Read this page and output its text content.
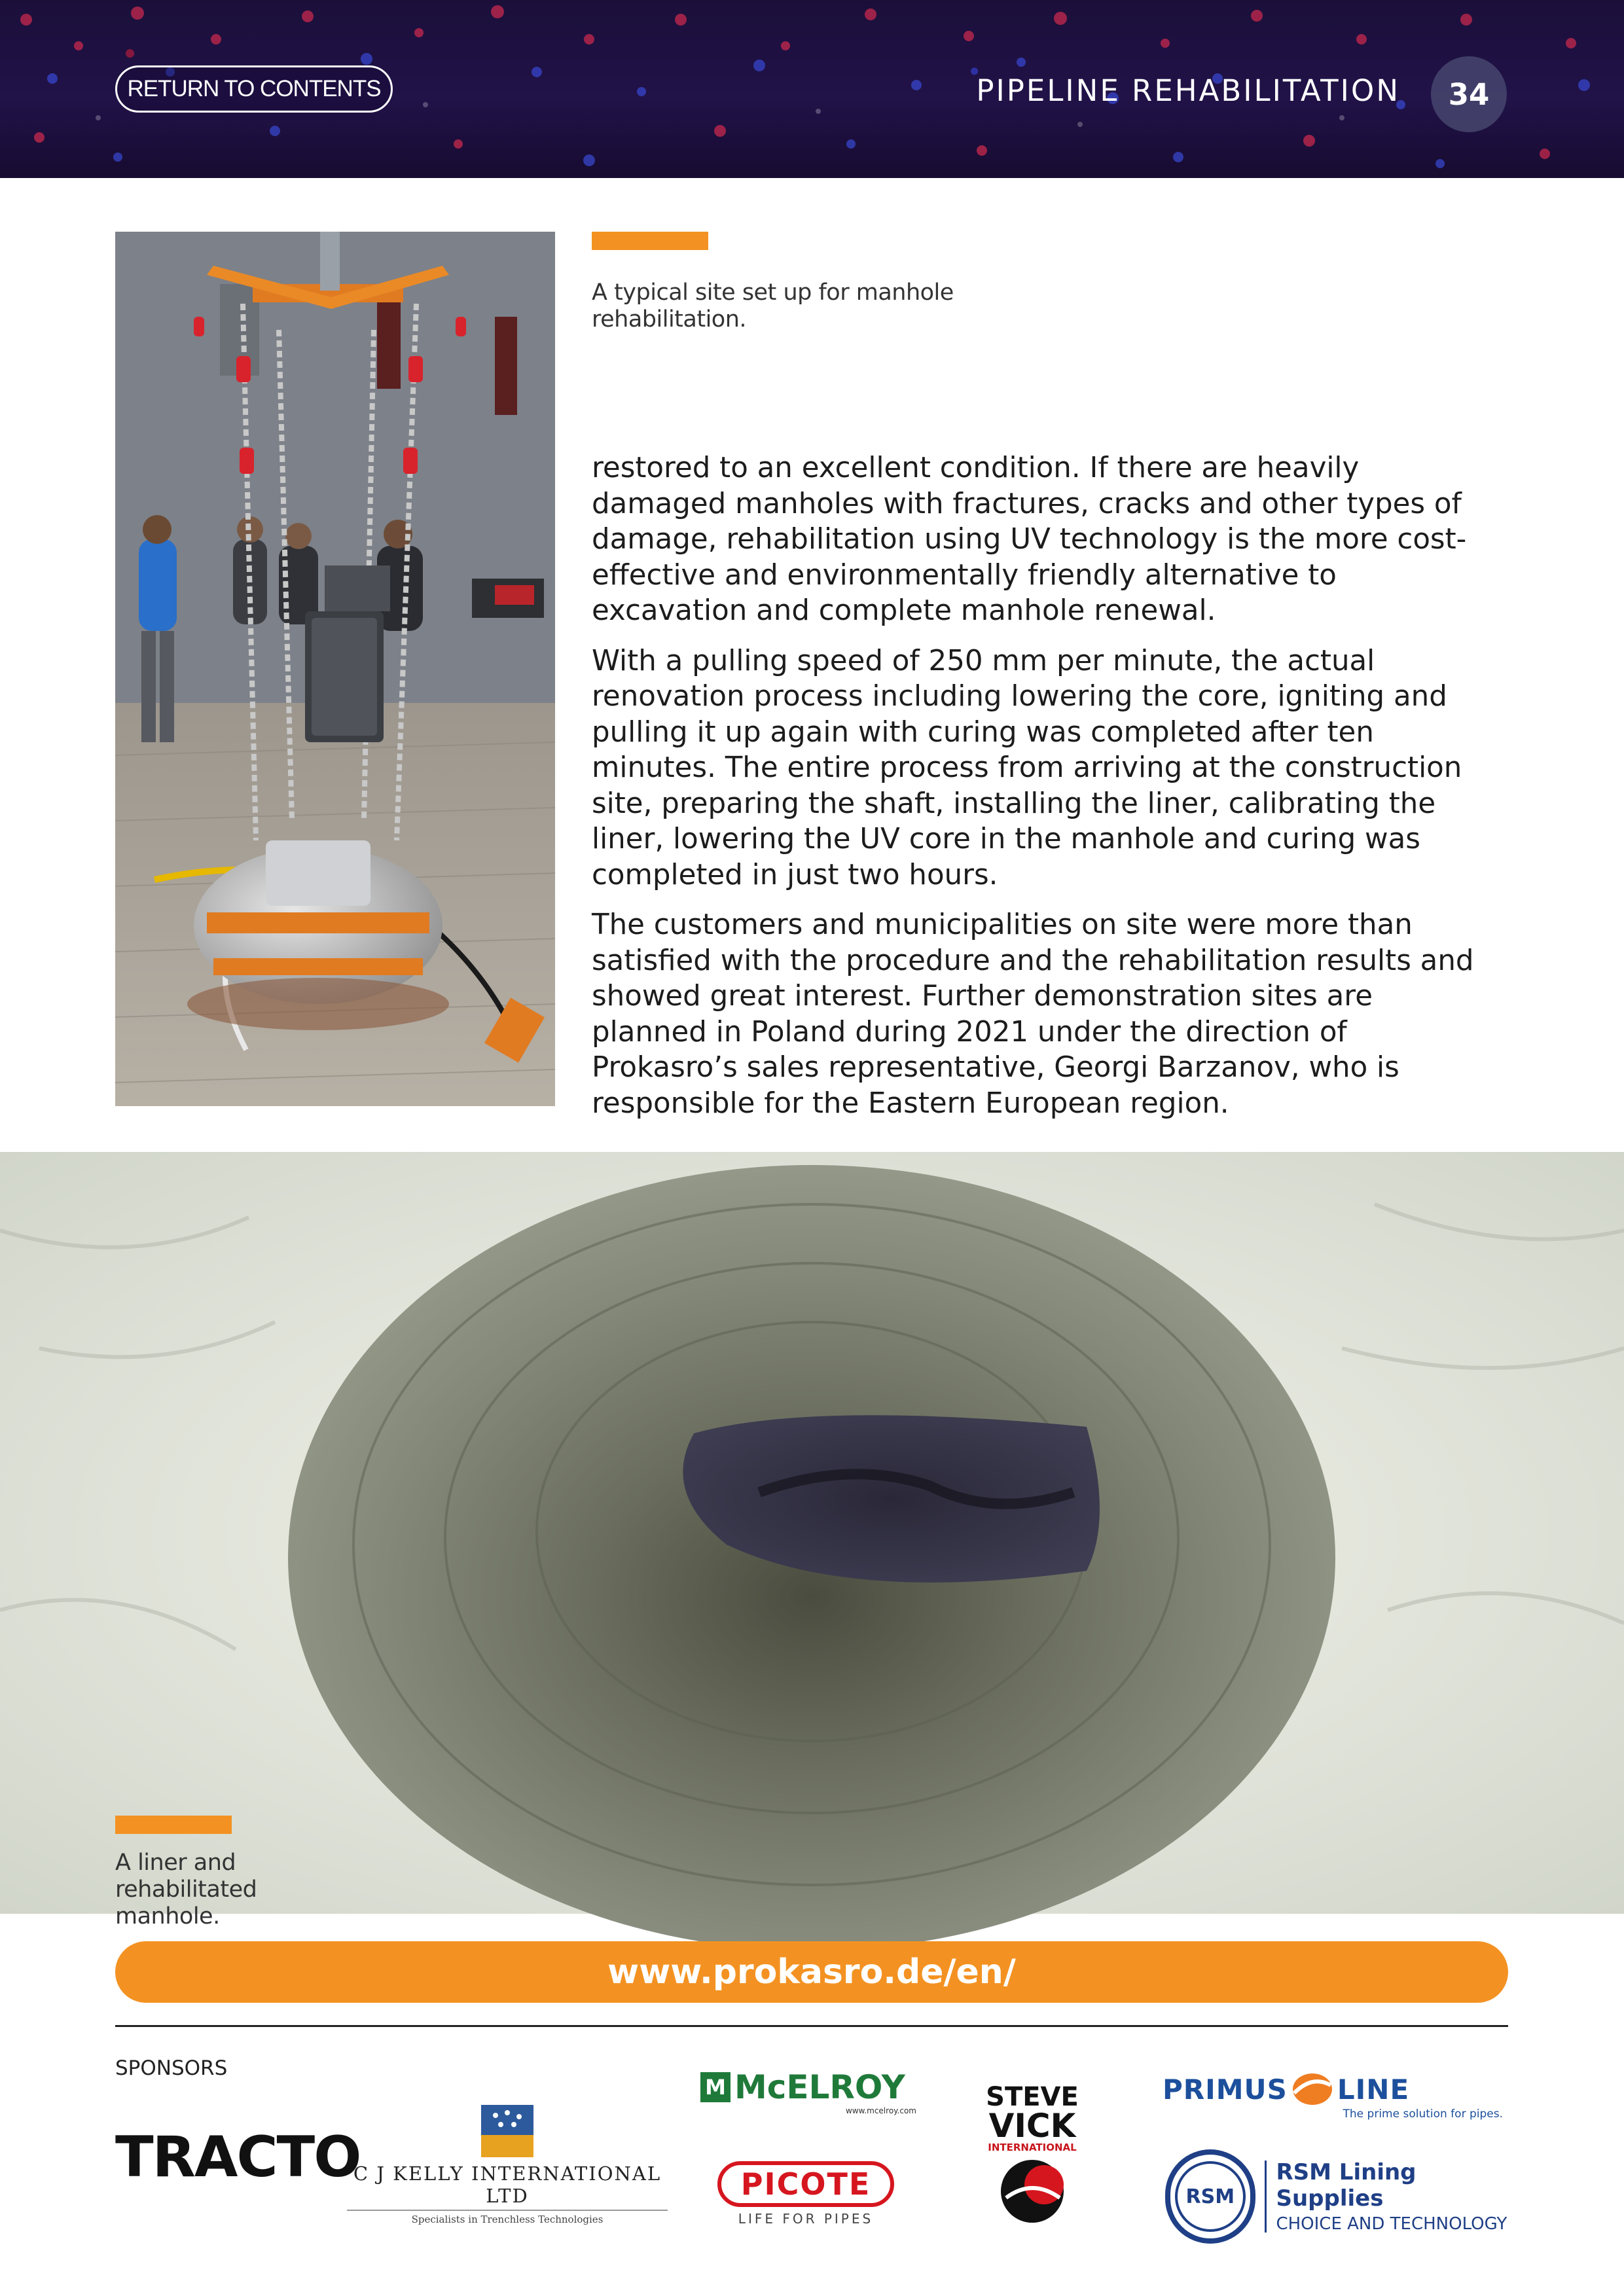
RETURN TO CONTENTS	PIPELINE REHABILITATION	34
A typical site set up for manhole rehabilitation.

restored to an excellent condition. If there are heavily damaged manholes with fractures, cracks and other types of damage, rehabilitation using UV technology is the more cost-effective and environmentally friendly alternative to excavation and complete manhole renewal.

With a pulling speed of 250 mm per minute, the actual renovation process including lowering the core, igniting and pulling it up again with curing was completed after ten minutes. The entire process from arriving at the construction site, preparing the shaft, installing the liner, calibrating the liner, lowering the UV core in the manhole and curing was completed in just two hours.

The customers and municipalities on site were more than satisfied with the procedure and the rehabilitation results and showed great interest. Further demonstration sites are planned in Poland during 2021 under the direction of Prokasro’s sales representative, Georgi Barzanov, who is responsible for the Eastern European region.

A liner and rehabilitated manhole.
www.prokasro.de/en/
SPONSORS
TRACTO
C J KELLY INTERNATIONAL LTD
Specialists in Trenchless Technologies
M McELROY
www.mcelroy.com
PICOTE
LIFE FOR PIPES
STEVE
VICK
INTERNATIONAL
PRIMUS LINE
The prime solution for pipes.
RSM
RSM Lining Supplies
CHOICE AND TECHNOLOGY
